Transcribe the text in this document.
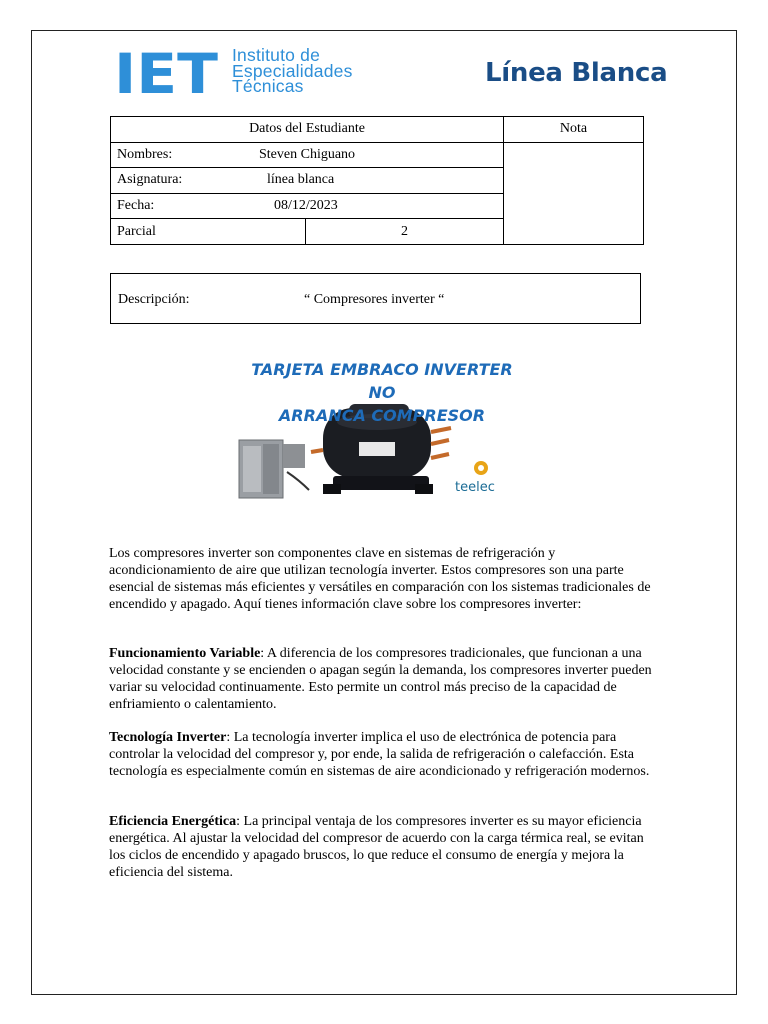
IET Instituto de
Especialidades
Técnicas	Línea Blanca
Datos del Estudiante		Nota
Nombres: Steven Chiguano		
Asignatura: línea blanca		
Fecha: 08/12/2023		
Parcial	2	
Descripción:	“ Compresores inverter “
TARJETA EMBRACO INVERTER NO
ARRANCA COMPRESOR
teelec

Los compresores inverter son componentes clave en sistemas de refrigeración y acondicionamiento de aire que utilizan tecnología inverter. Estos compresores son una parte esencial de sistemas más eficientes y versátiles en comparación con los sistemas tradicionales de encendido y apagado. Aquí tienes información clave sobre los compresores inverter:

Funcionamiento Variable: A diferencia de los compresores tradicionales, que funcionan a una velocidad constante y se encienden o apagan según la demanda, los compresores inverter pueden variar su velocidad continuamente. Esto permite un control más preciso de la capacidad de enfriamiento o calentamiento.

Tecnología Inverter: La tecnología inverter implica el uso de electrónica de potencia para controlar la velocidad del compresor y, por ende, la salida de refrigeración o calefacción. Esta tecnología es especialmente común en sistemas de aire acondicionado y refrigeración modernos.

Eficiencia Energética: La principal ventaja de los compresores inverter es su mayor eficiencia energética. Al ajustar la velocidad del compresor de acuerdo con la carga térmica real, se evitan los ciclos de encendido y apagado bruscos, lo que reduce el consumo de energía y mejora la eficiencia del sistema.
